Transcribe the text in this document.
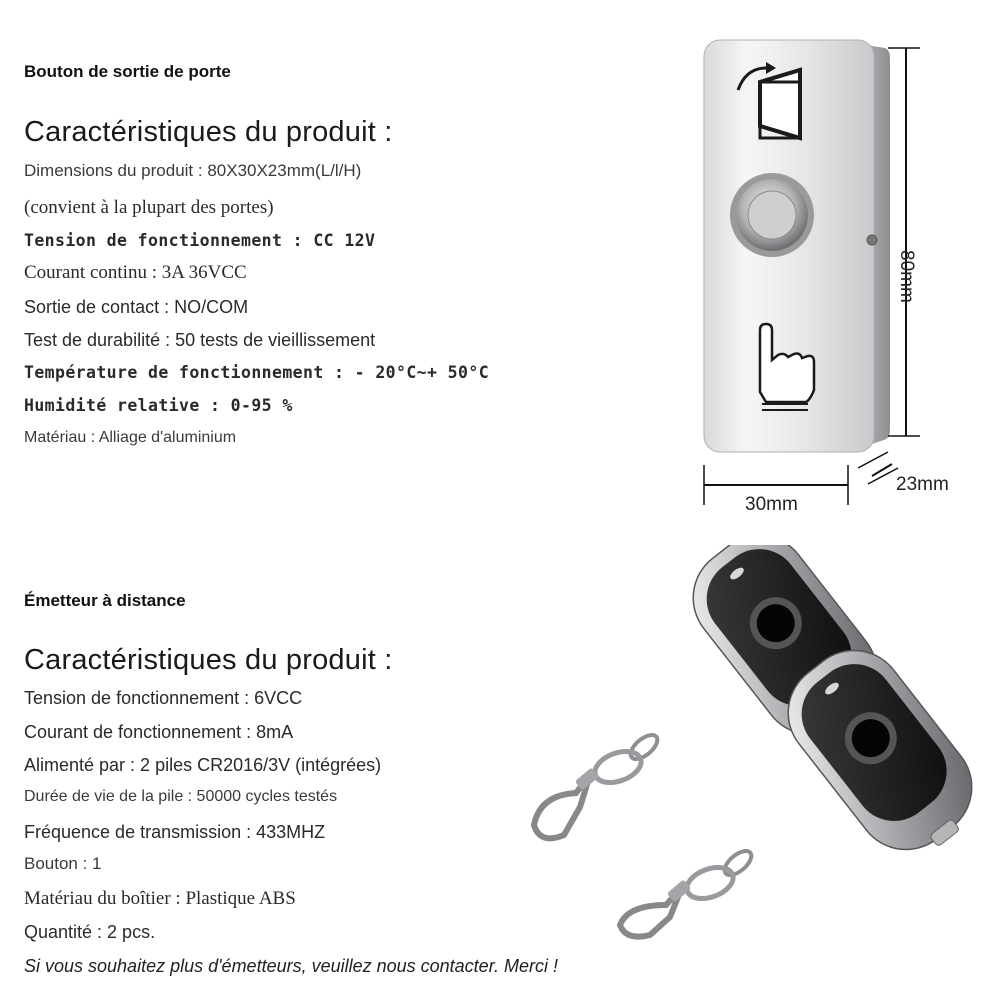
Bouton de sortie de porte
Caractéristiques du produit :
Dimensions du produit : 80X30X23mm(L/l/H)
(convient à la plupart des portes)
Tension de fonctionnement : CC 12V
Courant continu : 3A 36VCC
Sortie de contact : NO/COM
Test de durabilité : 50 tests de vieillissement
Température de fonctionnement : - 20°C~+ 50°C
Humidité relative : 0-95 %
Matériau : Alliage d'aluminium
80mm
30mm
23mm
Émetteur à distance
Caractéristiques du produit :
Tension de fonctionnement : 6VCC
Courant de fonctionnement : 8mA
Alimenté par : 2 piles CR2016/3V (intégrées)
Durée de vie de la pile : 50000 cycles testés
Fréquence de transmission : 433MHZ
Bouton : 1
Matériau du boîtier : Plastique ABS
Quantité : 2 pcs.
Si vous souhaitez plus d'émetteurs, veuillez nous contacter. Merci !
